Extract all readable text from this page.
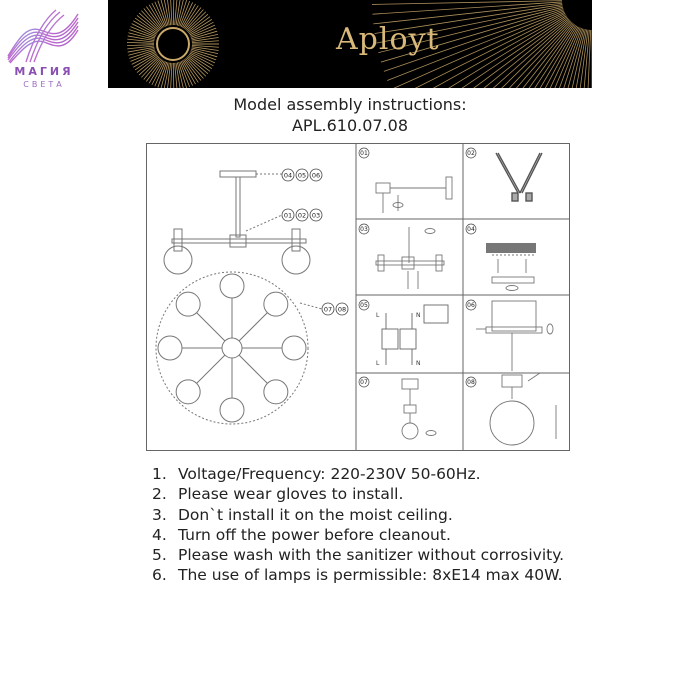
МАГИЯ
СВЕТА
Aployt
Model assembly instructions:
APL.610.07.08
04 05 06
01 02 03
07 08
01	02
03	04
05	06
07	08
L	N
L	N
1. Voltage/Frequency: 220-230V 50-60Hz.
2. Please wear gloves to install.
3. Don`t install it on the moist ceiling.
4. Turn off the power before cleanout.
5. Please wash with the sanitizer without corrosivity.
6. The use of lamps is permissible: 8xE14 max 40W.
